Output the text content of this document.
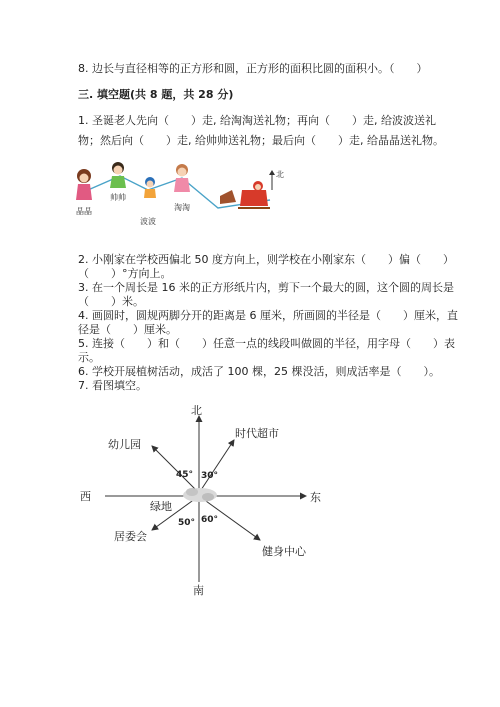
8. 边长与直径相等的正方形和圆，正方形的面积比圆的面积小。（　　）
三. 填空题(共 8 题，共 28 分)
1. 圣诞老人先向（　　）走, 给淘淘送礼物；再向（　　）走, 给波波送礼
物；然后向（　　）走, 给帅帅送礼物；最后向（　　）走, 给晶晶送礼物。
晶晶
帅帅
波波
淘淘
北
2. 小刚家在学校西偏北 50 度方向上，则学校在小刚家东（　　）偏（　　）
（　　）°方向上。
3. 在一个周长是 16 米的正方形纸片内，剪下一个最大的圆，这个圆的周长是
（　　）米。
4. 画圆时，圆规两脚分开的距离是 6 厘米，所画圆的半径是（　　）厘米，直
径是（　　）厘米。
5. 连接（　　）和（　　）任意一点的线段叫做圆的半径，用字母（　　）表
示。
6. 学校开展植树活动，成活了 100 棵，25 棵没活，则成活率是（　　）。
7. 看图填空。
北
南
西	东
绿地
幼儿园
时代超市
居委会
健身中心
45° 30°
50° 60°
